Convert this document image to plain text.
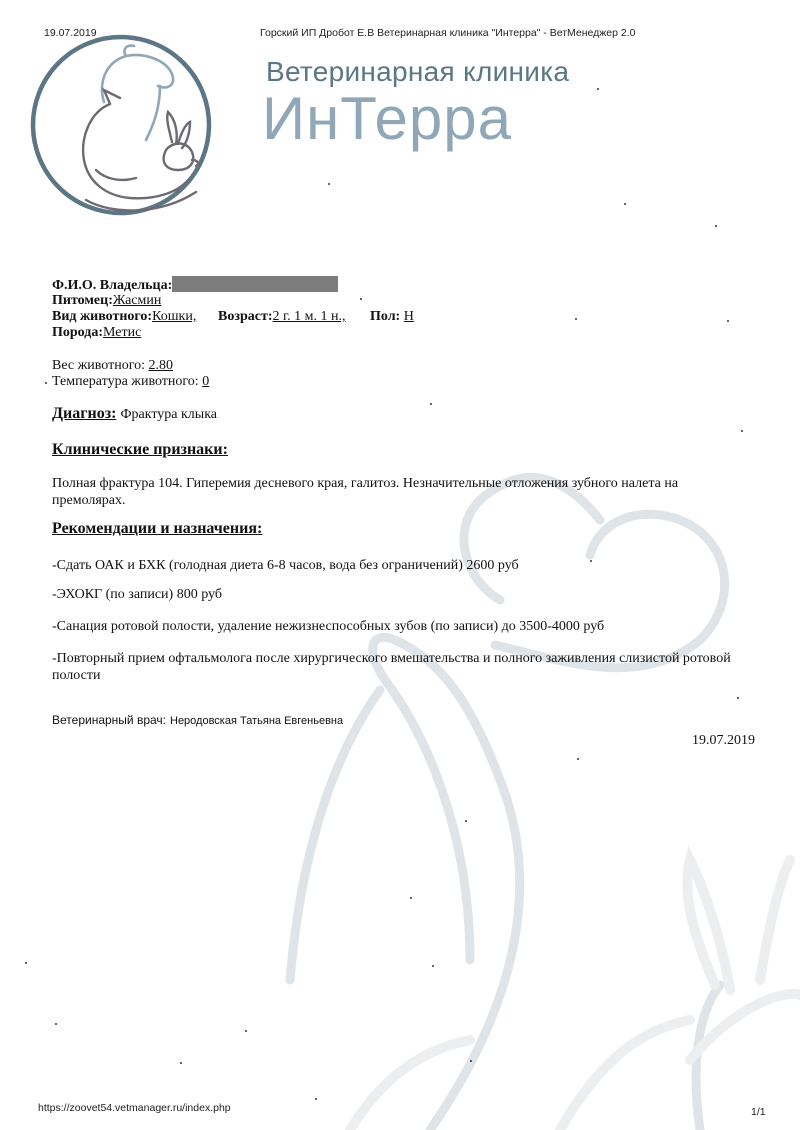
19.07.2019	Горский ИП Дробот Е.В Ветеринарная клиника "Интерра" - ВетМенеджер 2.0
Ветеринарная клиника
ИнТерра
Ф.И.О. Владельца:
Питомец:Жасмин
Вид животного:Кошки, Возраст:2 г. 1 м. 1 н., Пол: Н
Порода:Метис
Вес животного: 2.80
Температура животного: 0
Диагноз: Фрактура клыка
Клинические признаки:
Полная фрактура 104. Гиперемия десневого края, галитоз. Незначительные отложения зубного налета на премолярах.
Рекомендации и назначения:
-Сдать ОАК и БХК (голодная диета 6-8 часов, вода без ограничений) 2600 руб
-ЭХОКГ (по записи) 800 руб
-Санация ротовой полости, удаление нежизнеспособных зубов (по записи) до 3500-4000 руб
-Повторный прием офтальмолога после хирургического вмешательства и полного заживления слизистой ротовой полости
Ветеринарный врач: Неродовская Татьяна Евгеньевна
19.07.2019
https://zoovet54.vetmanager.ru/index.php	1/1
